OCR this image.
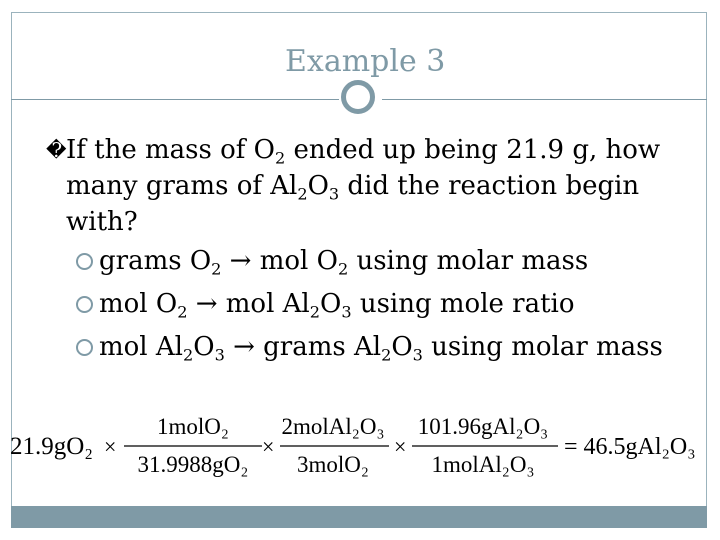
Example 3
� If the mass of $O_2$ ended up being 21.9 g, how many grams of $Al_2O_3$ did the reaction begin with?
grams $O_2$ → mol $O_2$ using molar mass
mol $O_2$ → mol $Al_2O_3$ using mole ratio
mol $Al_2O_3$ → grams $Al_2O_3$ using molar mass
21.9gO₂ ×
1molO₂
31.9988gO₂
×
2molAl₂O₃
3molO₂
×
101.96gAl₂O₃
1molAl₂O₃
= 46.5gAl₂O₃
